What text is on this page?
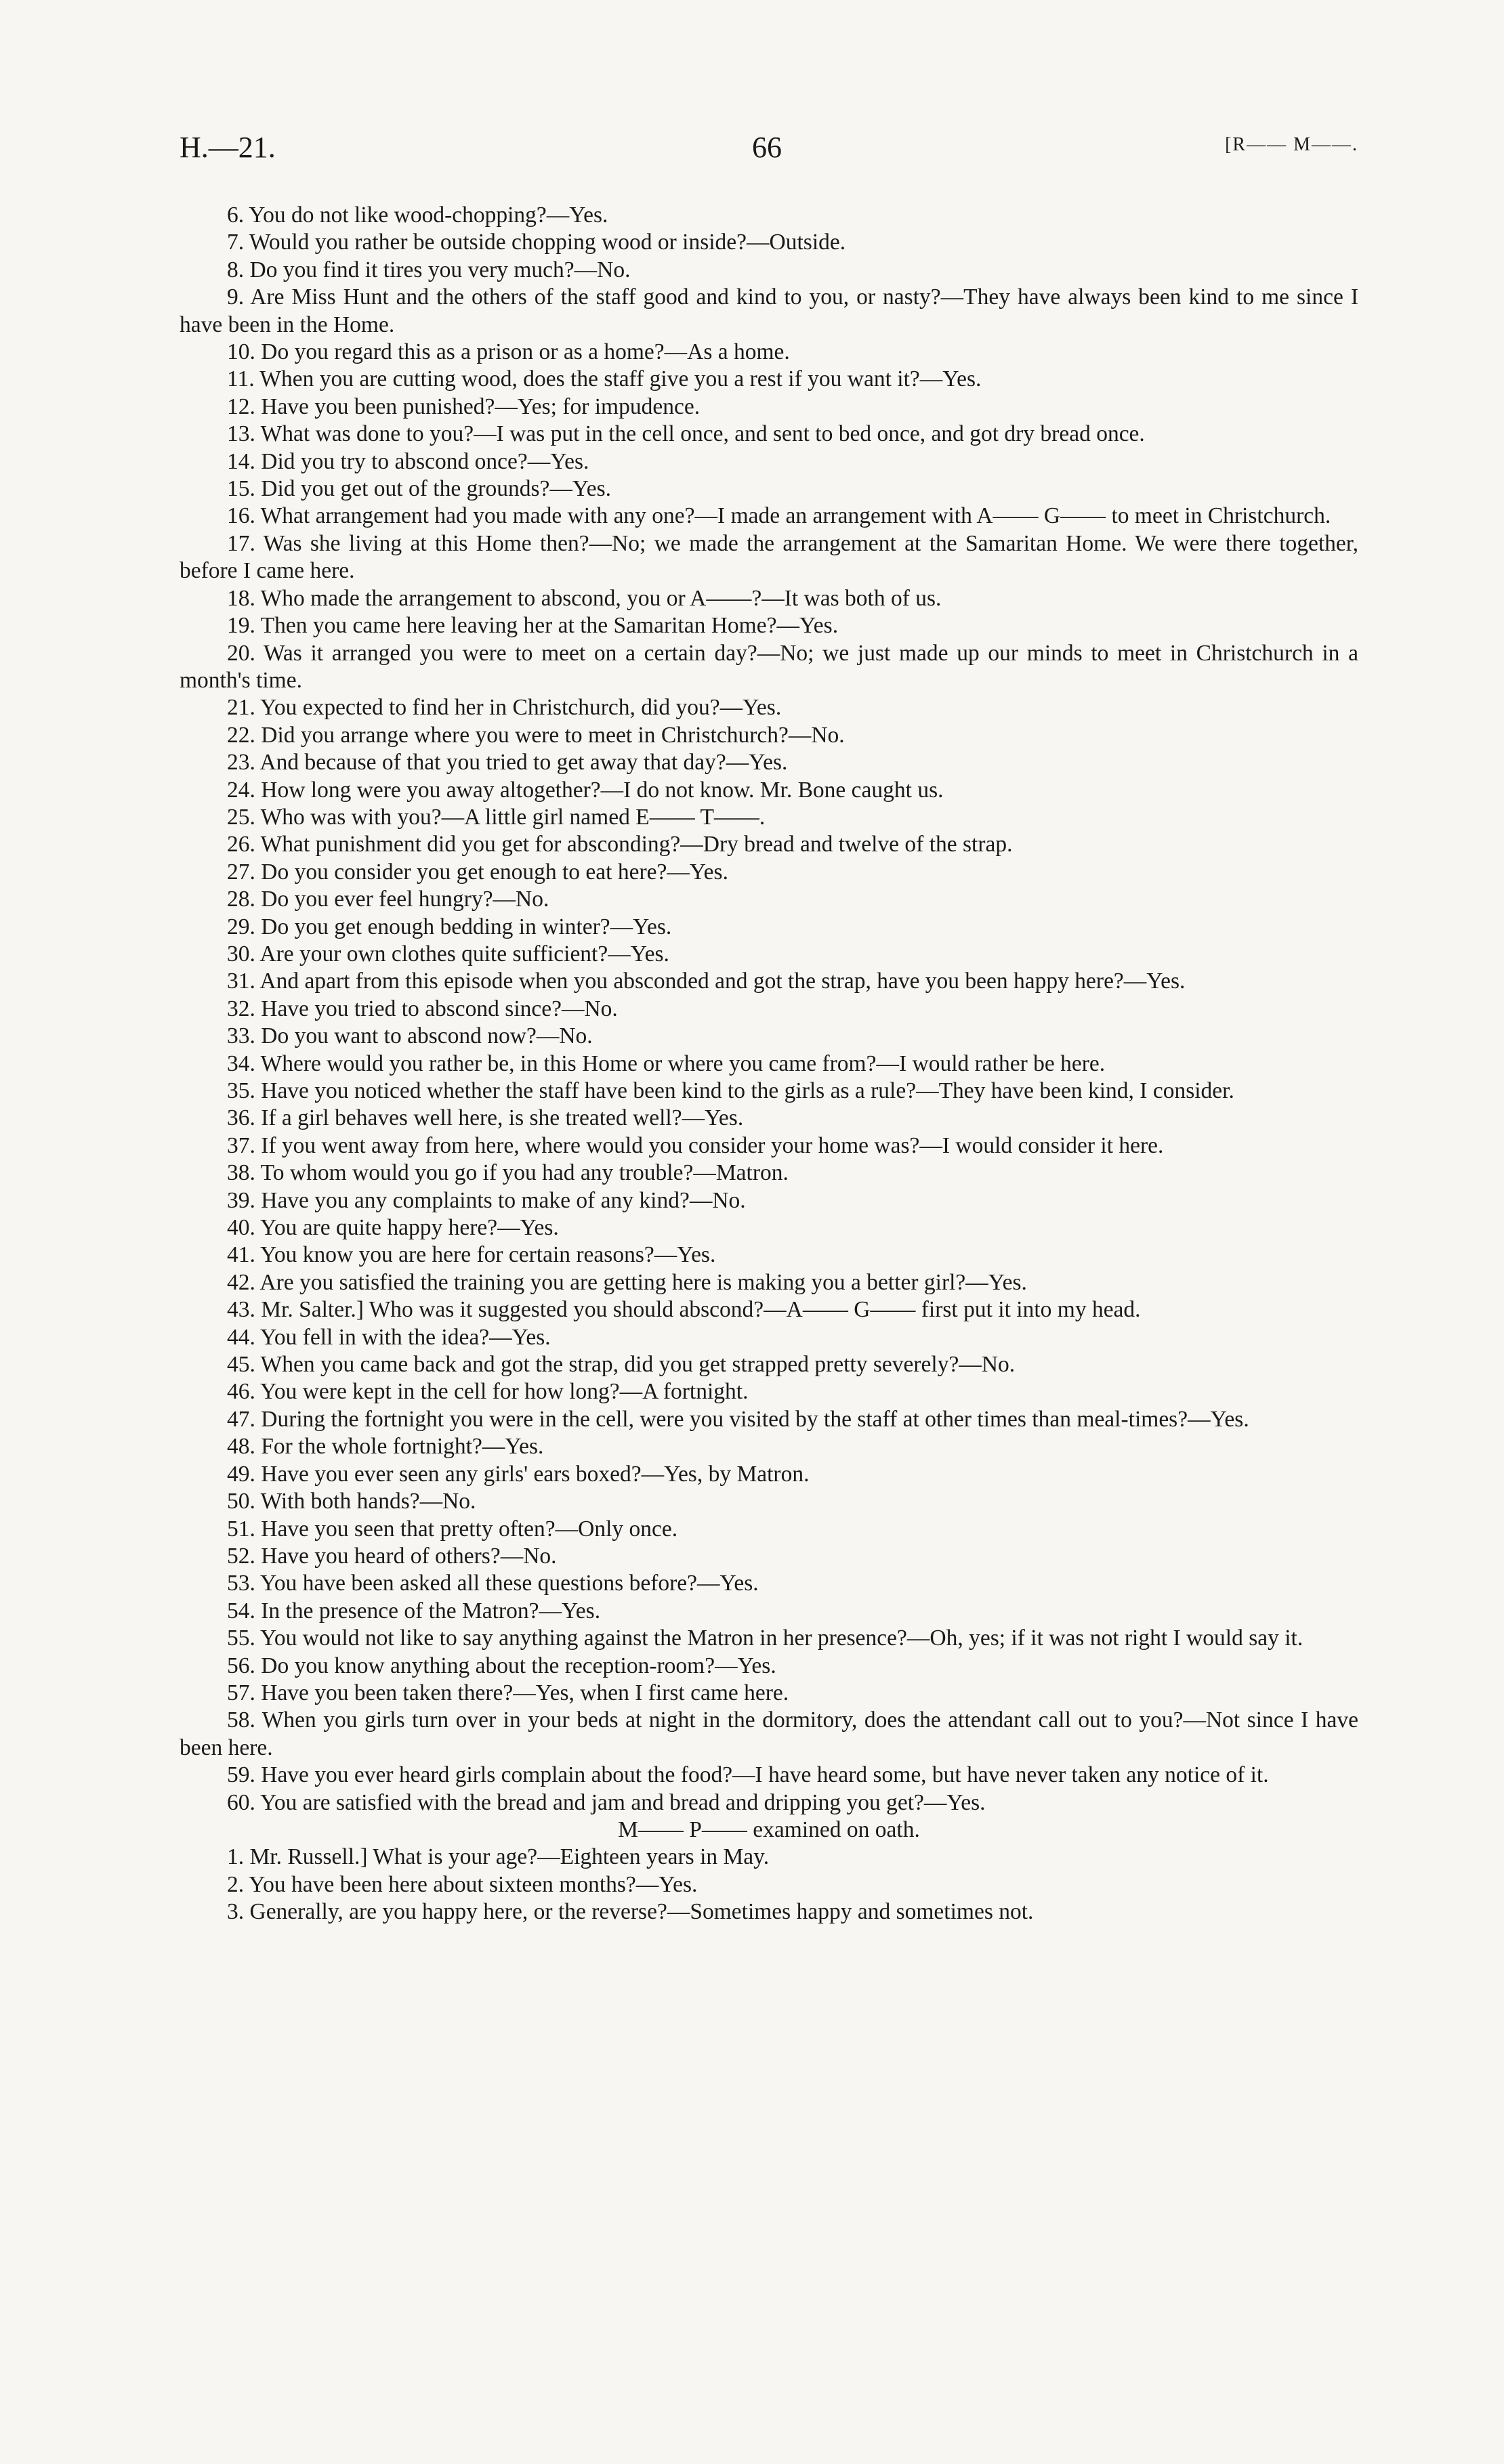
H.—21.	66	[R—— M——.

6. You do not like wood-chopping?—Yes.

7. Would you rather be outside chopping wood or inside?—Outside.

8. Do you find it tires you very much?—No.

9. Are Miss Hunt and the others of the staff good and kind to you, or nasty?—They have always been kind to me since I have been in the Home.

10. Do you regard this as a prison or as a home?—As a home.

11. When you are cutting wood, does the staff give you a rest if you want it?—Yes.

12. Have you been punished?—Yes; for impudence.

13. What was done to you?—I was put in the cell once, and sent to bed once, and got dry bread once.

14. Did you try to abscond once?—Yes.

15. Did you get out of the grounds?—Yes.

16. What arrangement had you made with any one?—I made an arrangement with A—— G—— to meet in Christchurch.

17. Was she living at this Home then?—No; we made the arrangement at the Samaritan Home. We were there together, before I came here.

18. Who made the arrangement to abscond, you or A——?—It was both of us.

19. Then you came here leaving her at the Samaritan Home?—Yes.

20. Was it arranged you were to meet on a certain day?—No; we just made up our minds to meet in Christchurch in a month's time.

21. You expected to find her in Christchurch, did you?—Yes.

22. Did you arrange where you were to meet in Christchurch?—No.

23. And because of that you tried to get away that day?—Yes.

24. How long were you away altogether?—I do not know. Mr. Bone caught us.

25. Who was with you?—A little girl named E—— T——.

26. What punishment did you get for absconding?—Dry bread and twelve of the strap.

27. Do you consider you get enough to eat here?—Yes.

28. Do you ever feel hungry?—No.

29. Do you get enough bedding in winter?—Yes.

30. Are your own clothes quite sufficient?—Yes.

31. And apart from this episode when you absconded and got the strap, have you been happy here?—Yes.

32. Have you tried to abscond since?—No.

33. Do you want to abscond now?—No.

34. Where would you rather be, in this Home or where you came from?—I would rather be here.

35. Have you noticed whether the staff have been kind to the girls as a rule?—They have been kind, I consider.

36. If a girl behaves well here, is she treated well?—Yes.

37. If you went away from here, where would you consider your home was?—I would consider it here.

38. To whom would you go if you had any trouble?—Matron.

39. Have you any complaints to make of any kind?—No.

40. You are quite happy here?—Yes.

41. You know you are here for certain reasons?—Yes.

42. Are you satisfied the training you are getting here is making you a better girl?—Yes.

43. Mr. Salter.] Who was it suggested you should abscond?—A—— G—— first put it into my head.

44. You fell in with the idea?—Yes.

45. When you came back and got the strap, did you get strapped pretty severely?—No.

46. You were kept in the cell for how long?—A fortnight.

47. During the fortnight you were in the cell, were you visited by the staff at other times than meal-times?—Yes.

48. For the whole fortnight?—Yes.

49. Have you ever seen any girls' ears boxed?—Yes, by Matron.

50. With both hands?—No.

51. Have you seen that pretty often?—Only once.

52. Have you heard of others?—No.

53. You have been asked all these questions before?—Yes.

54. In the presence of the Matron?—Yes.

55. You would not like to say anything against the Matron in her presence?—Oh, yes; if it was not right I would say it.

56. Do you know anything about the reception-room?—Yes.

57. Have you been taken there?—Yes, when I first came here.

58. When you girls turn over in your beds at night in the dormitory, does the attendant call out to you?—Not since I have been here.

59. Have you ever heard girls complain about the food?—I have heard some, but have never taken any notice of it.

60. You are satisfied with the bread and jam and bread and dripping you get?—Yes.

M—— P—— examined on oath.

1. Mr. Russell.] What is your age?—Eighteen years in May.

2. You have been here about sixteen months?—Yes.

3. Generally, are you happy here, or the reverse?—Sometimes happy and sometimes not.
